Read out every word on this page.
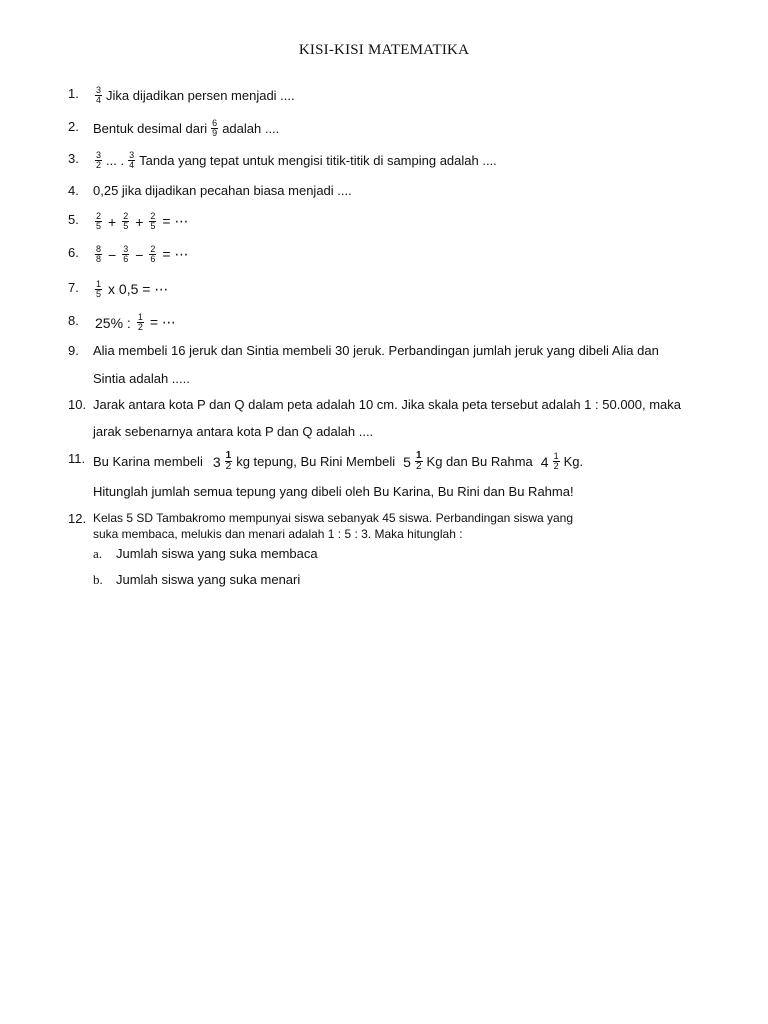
KISI-KISI MATEMATIKA
1.	$\frac{3}{4}$ Jika dijadikan persen menjadi ....
2.	Bentuk desimal dari $\frac{6}{9}$ adalah ....
3.	$\frac{3}{2}$ ... . $\frac{3}{4}$ Tanda yang tepat untuk mengisi titik-titik di samping adalah ....
4.	0,25 jika dijadikan pecahan biasa menjadi ....
5.	$\frac{2}{5} + \frac{2}{5} + \frac{2}{5}$ = ⋯
6.	$\frac{8}{8} - \frac{3}{6} - \frac{2}{6}$ = ⋯
7.	$\frac{1}{5}$ x 0,5 = ⋯
8.	25% : $\frac{1}{2}$ = ⋯
9.	Alia membeli 16 jeruk dan Sintia membeli 30 jeruk. Perbandingan jumlah jeruk yang dibeli Alia dan
Sintia adalah .....
10. Jarak antara kota P dan Q dalam peta adalah 10 cm. Jika skala peta tersebut adalah 1 : 50.000, maka
jarak sebenarnya antara kota P dan Q adalah ....
11. Bu Karina membeli $3 \frac{1}{2}$ kg tepung, Bu Rini Membeli $5 \frac{1}{2}$ Kg dan Bu Rahma $4 \frac{1}{2} Kg$.
Hitunglah jumlah semua tepung yang dibeli oleh Bu Karina, Bu Rini dan Bu Rahma!
12. Kelas 5 SD Tambakromo mempunyai siswa sebanyak 45 siswa. Perbandingan siswa yang
suka membaca, melukis dan menari adalah 1 : 5 : 3. Maka hitunglah :
a. Jumlah siswa yang suka membaca
b. Jumlah siswa yang suka menari
